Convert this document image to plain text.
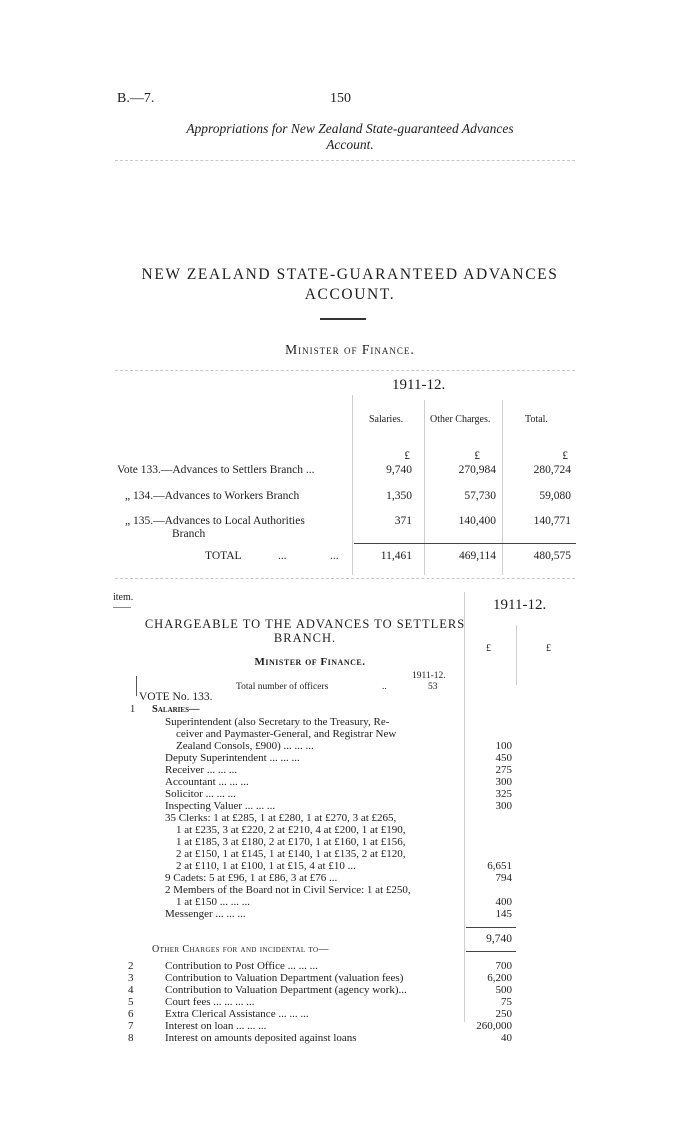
B.—7.	150
Appropriations for New Zealand State-guaranteed Advances
Account.
NEW ZEALAND STATE-GUARANTEED ADVANCES
ACCOUNT.
Minister of Finance.
1911-12.
Salaries.	Other Charges.	Total.
£	£	£
Vote 133.—Advances to Settlers Branch ...	9,740	270,984	280,724
„ 134.—Advances to Workers Branch	1,350	57,730	59,080
„ 135.—Advances to Local Authorities
Branch
371	140,400	140,771
TOTAL	...	...	11,461	469,114	480,575
item.	1911-12.
£	£
CHARGEABLE TO THE ADVANCES TO SETTLERS
BRANCH.
Minister of Finance.
1911-12.
Total number of officers	..	53
VOTE No. 133.
1 Salaries—
Superintendent (also Secretary to the Treasury, Re-
ceiver and Paymaster-General, and Registrar New
Zealand Consols, £900) ... ... ...	100
Deputy Superintendent ... ... ...	450
Receiver ... ... ...	275
Accountant ... ... ...	300
Solicitor ... ... ...	325
Inspecting Valuer ... ... ...	300
35 Clerks: 1 at £285, 1 at £280, 1 at £270, 3 at £265,
1 at £235, 3 at £220, 2 at £210, 4 at £200, 1 at £190,
1 at £185, 3 at £180, 2 at £170, 1 at £160, 1 at £156,
2 at £150, 1 at £145, 1 at £140, 1 at £135, 2 at £120,
2 at £110, 1 at £100, 1 at £15, 4 at £10 ...	6,651
9 Cadets: 5 at £96, 1 at £86, 3 at £76 ...	794
2 Members of the Board not in Civil Service: 1 at £250,
1 at £150 ... ... ...	400
Messenger ... ... ...	145
9,740
Other Charges for and incidental to—
2	Contribution to Post Office ... ... ...	700
3	Contribution to Valuation Department (valuation fees)	6,200
4	Contribution to Valuation Department (agency work)...	500
5	Court fees ... ... ... ...	75
6	Extra Clerical Assistance ... ... ...	250
7	Interest on loan ... ... ...	260,000
8	Interest on amounts deposited against loans	40
